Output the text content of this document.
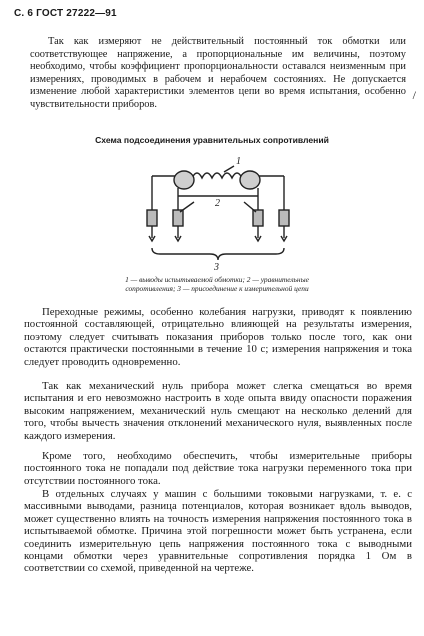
С. 6 ГОСТ 27222—91

Так как измеряют не действительный постоянный ток обмотки или соответствующее напряжение, а пропорциональные им величины, поэтому необходимо, чтобы коэффициент пропорциональности оставался неизменным при измерениях, проводимых в рабочем и нерабочем состояниях. Не допускается изменение любой характеристики элементов цепи во время испытания, особенно чувствительности приборов.

/
Схема подсоединения уравнительных сопротивлений
1
2
3
1 — выводы испытываемой обмотки; 2 — уравнительные сопротивления; 3 — присоединение к измерительной цепи

Переходные режимы, особенно колебания нагрузки, приводят к появлению постоянной составляющей, отрицательно влияющей на результаты измерения, поэтому следует считывать показания приборов только после того, как они остаются практически постоянными в течение 10 с; измерения напряжения и тока следует проводить одновременно.

Так как механический нуль прибора может слегка смещаться во время испытания и его невозможно настроить в ходе опыта ввиду опасности поражения высоким напряжением, механический нуль смещают на несколько делений для того, чтобы вычесть значения отклонений механического нуля, выявленных после каждого измерения.

Кроме того, необходимо обеспечить, чтобы измерительные приборы постоянного тока не попадали под действие тока нагрузки переменного тока при отсутствии постоянного тока.

В отдельных случаях у машин с большими токовыми нагрузками, т. е. с массивными выводами, разница потенциалов, которая возникает вдоль выводов, может существенно влиять на точность измерения напряжения постоянного тока в испытываемой обмотке. Причина этой погрешности может быть устранена, если соединить измерительную цепь напряжения постоянного тока с выводными концами обмотки через уравнительные сопротивления порядка 1 Ом в соответствии со схемой, приведенной на чертеже.
